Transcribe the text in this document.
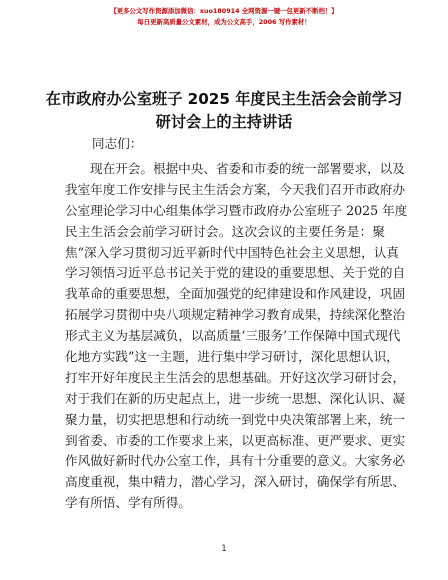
【更多公文写作资源添加微信：xuo180914 全网资源一键一包更新不断档！】
每日更新高质量公文素材，成为公文高手，2006 写作素材！
在市政府办公室班子 2025 年度民主生活会会前学习研讨会上的主持讲话
同志们：
现在开会。根据中央、省委和市委的统一部署要求，以及
我室年度工作安排与民主生活会方案，今天我们召开市政府办
公室理论学习中心组集体学习暨市政府办公室班子 2025 年度
民主生活会会前学习研讨会。这次会议的主要任务是：聚
焦“深入学习贯彻习近平新时代中国特色社会主义思想，认真
学习领悟习近平总书记关于党的建设的重要思想、关于党的自
我革命的重要思想，全面加强党的纪律建设和作风建设，巩固
拓展学习贯彻中央八项规定精神学习教育成果，持续深化整治
形式主义为基层减负，以高质量‘三服务’工作保障中国式现代
化地方实践”这一主题，进行集中学习研讨，深化思想认识，
打牢开好年度民主生活会的思想基础。开好这次学习研讨会，
对于我们在新的历史起点上，进一步统一思想、深化认识、凝
聚力量，切实把思想和行动统一到党中央决策部署上来，统一
到省委、市委的工作要求上来，以更高标准、更严要求、更实
作风做好新时代办公室工作，具有十分重要的意义。大家务必
高度重视，集中精力，潜心学习，深入研讨，确保学有所思、
学有所悟、学有所得。
1
